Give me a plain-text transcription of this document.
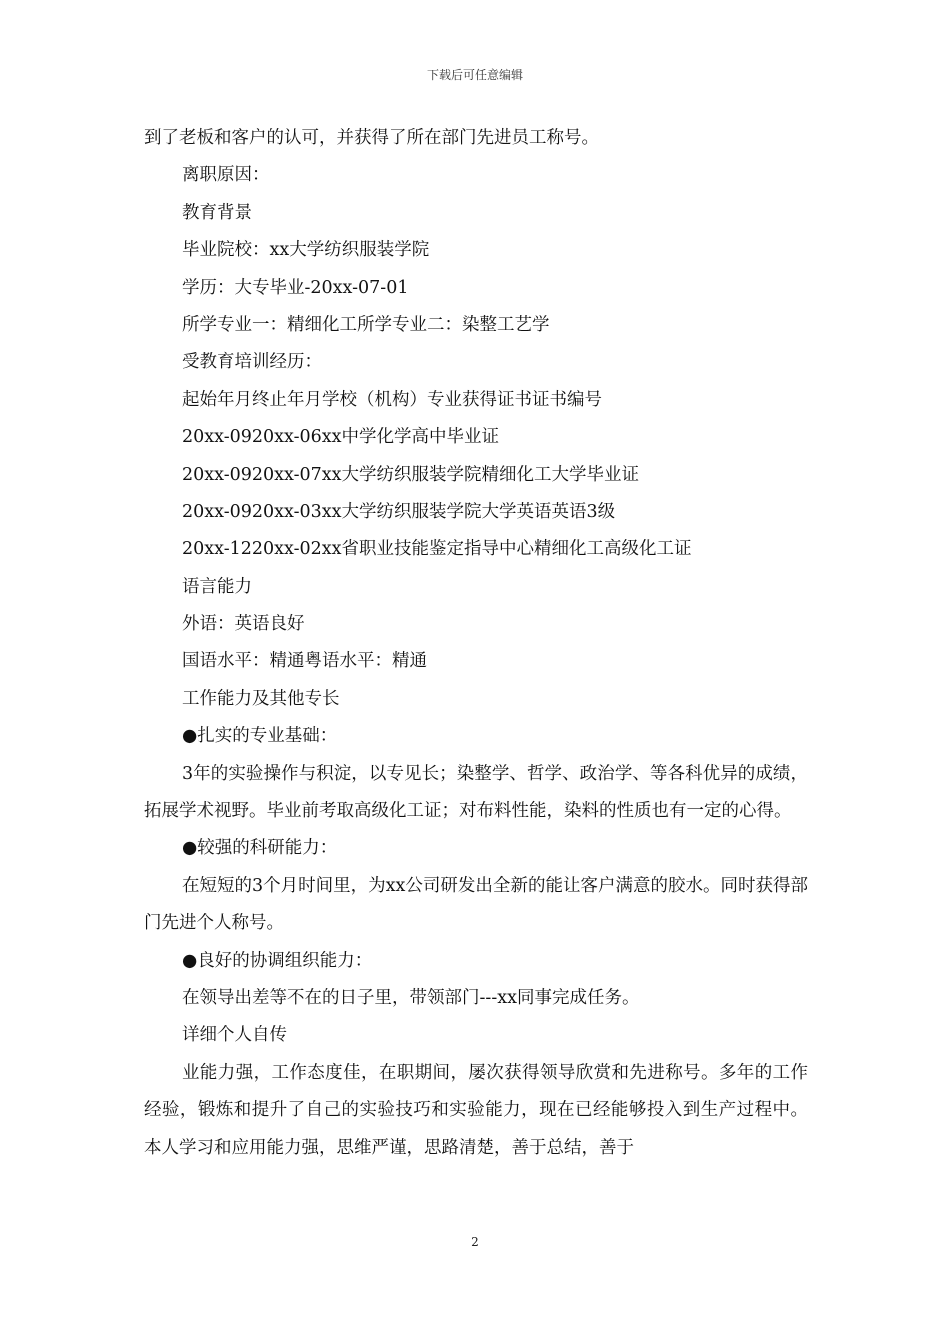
下载后可任意编辑
到了老板和客户的认可，并获得了所在部门先进员工称号。
离职原因：
教育背景
毕业院校：xx大学纺织服装学院
学历：大专毕业-20xx-07-01
所学专业一：精细化工所学专业二：染整工艺学
受教育培训经历：
起始年月终止年月学校（机构）专业获得证书证书编号
20xx-0920xx-06xx中学化学高中毕业证
20xx-0920xx-07xx大学纺织服装学院精细化工大学毕业证
20xx-0920xx-03xx大学纺织服装学院大学英语英语3级
20xx-1220xx-02xx省职业技能鉴定指导中心精细化工高级化工证
语言能力
外语：英语良好
国语水平：精通粤语水平：精通
工作能力及其他专长
●扎实的专业基础：
3年的实验操作与积淀，以专见长；染整学、哲学、政治学、等各科优异的成绩，拓展学术视野。毕业前考取高级化工证；对布料性能，染料的性质也有一定的心得。
●较强的科研能力：
在短短的3个月时间里，为xx公司研发出全新的能让客户满意的胶水。同时获得部门先进个人称号。
●良好的协调组织能力：
在领导出差等不在的日子里，带领部门---xx同事完成任务。
详细个人自传
业能力强，工作态度佳，在职期间，屡次获得领导欣赏和先进称号。多年的工作经验，锻炼和提升了自己的实验技巧和实验能力，现在已经能够投入到生产过程中。本人学习和应用能力强，思维严谨，思路清楚，善于总结，善于
2
